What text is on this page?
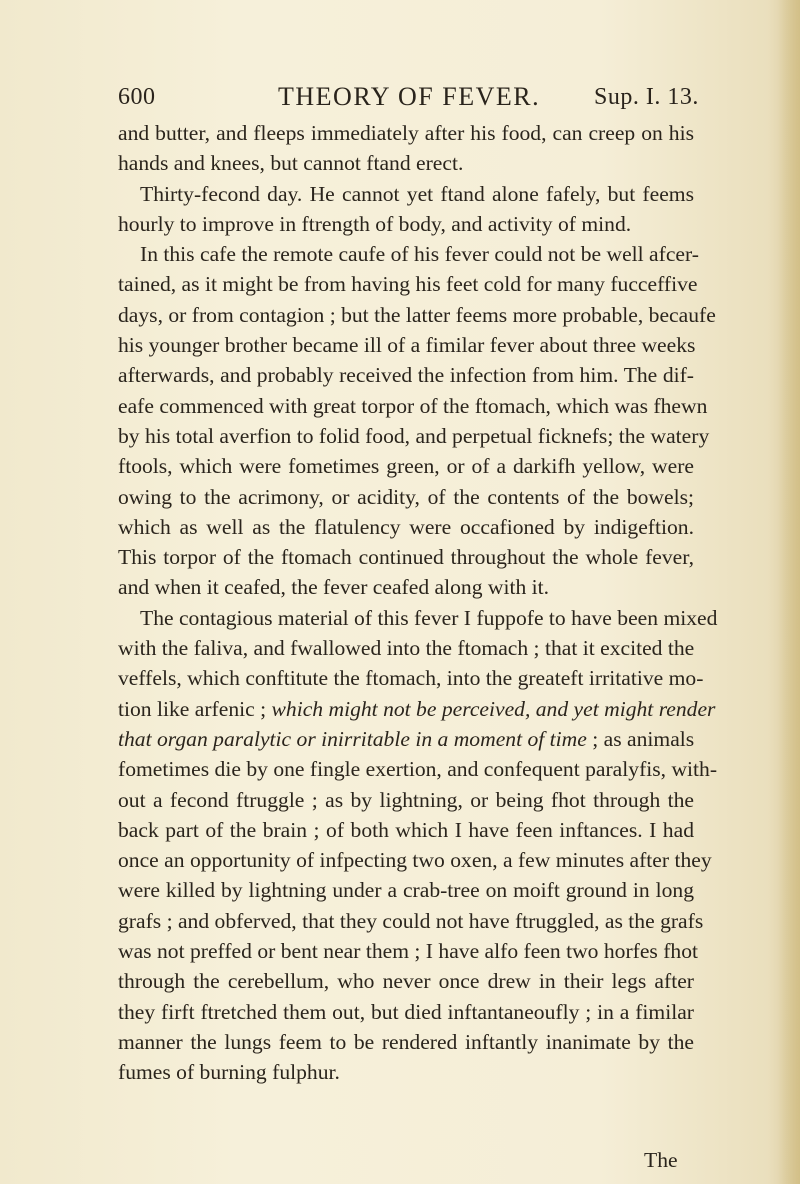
600	THEORY OF FEVER. Sup. I. 13.
and butter, and fleeps immediately after his food, can creep on his
hands and knees, but cannot ftand erect.
Thirty-fecond day. He cannot yet ftand alone fafely, but feems
hourly to improve in ftrength of body, and activity of mind.
In this cafe the remote caufe of his fever could not be well afcer-
tained, as it might be from having his feet cold for many fucceffive
days, or from contagion ; but the latter feems more probable, becaufe
his younger brother became ill of a fimilar fever about three weeks
afterwards, and probably received the infection from him. The dif-
eafe commenced with great torpor of the ftomach, which was fhewn
by his total averfion to folid food, and perpetual ficknefs; the watery
ftools, which were fometimes green, or of a darkifh yellow, were
owing to the acrimony, or acidity, of the contents of the bowels;
which as well as the flatulency were occafioned by indigeftion.
This torpor of the ftomach continued throughout the whole fever,
and when it ceafed, the fever ceafed along with it.
The contagious material of this fever I fuppofe to have been mixed
with the faliva, and fwallowed into the ftomach ; that it excited the
veffels, which conftitute the ftomach, into the greateft irritative mo-
tion like arfenic ; which might not be perceived, and yet might render
that organ paralytic or inirritable in a moment of time ; as animals
fometimes die by one fingle exertion, and confequent paralyfis, with-
out a fecond ftruggle ; as by lightning, or being fhot through the
back part of the brain ; of both which I have feen inftances. I had
once an opportunity of infpecting two oxen, a few minutes after they
were killed by lightning under a crab-tree on moift ground in long
grafs ; and obferved, that they could not have ftruggled, as the grafs
was not preffed or bent near them ; I have alfo feen two horfes fhot
through the cerebellum, who never once drew in their legs after
they firft ftretched them out, but died inftantaneoufly ; in a fimilar
manner the lungs feem to be rendered inftantly inanimate by the
fumes of burning fulphur.
The
